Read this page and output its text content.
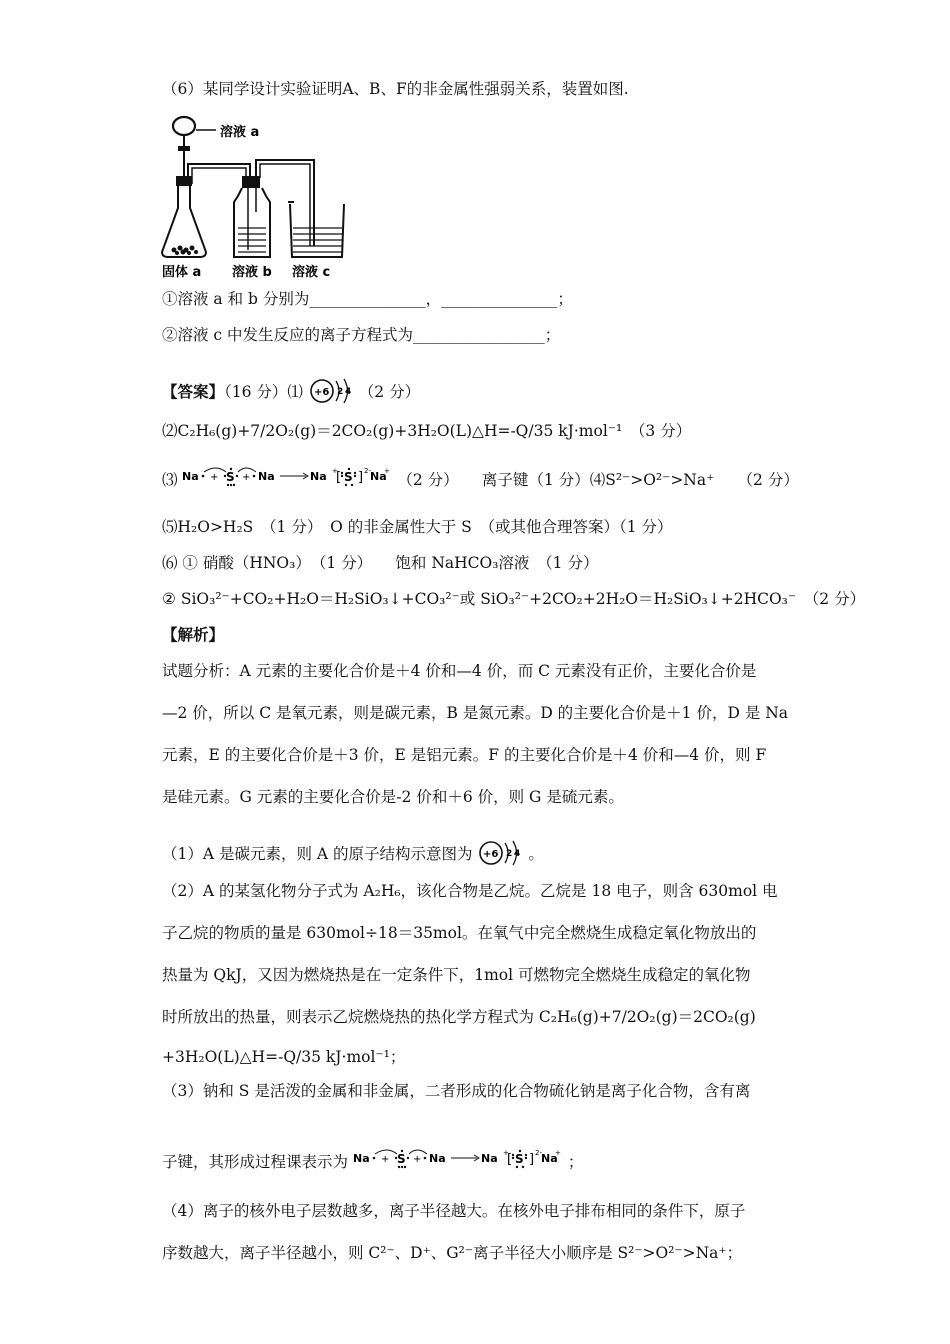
（6）某同学设计实验证明A、B、F的非金属性强弱关系，装置如图.
溶液 a
固体 a 溶液 b 溶液 c
①溶液 a 和 b 分别为_______________，_______________；
②溶液 c 中发生反应的离子方程式为_________________；
【答案】（16 分）⑴ +6 2 4 （2 分）
⑵C₂H₆(g)+7/2O₂(g)＝2CO₂(g)+3H₂O(L)△H=-Q/35 kJ·mol⁻¹　（3 分）
⑶ Na + S + Na	Na +
[ S ] 2- Na
+ （2 分）　　离子键（1 分）⑷S²⁻>O²⁻>Na⁺　　（2 分）
⑸H₂O>H₂S　（1 分）　O 的非金属性大于 S　（或其他合理答案）（1 分）
⑹ ① 硝酸（HNO₃）　（1 分）　　饱和 NaHCO₃溶液　（1 分）
② SiO₃²⁻+CO₂+H₂O＝H₂SiO₃↓+CO₃²⁻或 SiO₃²⁻+2CO₂+2H₂O＝H₂SiO₃↓+2HCO₃⁻　（2 分）
【解析】
试题分析：A 元素的主要化合价是＋4 价和—4 价，而 C 元素没有正价，主要化合价是
—2 价，所以 C 是氧元素，则是碳元素，B 是氮元素。D 的主要化合价是＋1 价，D 是 Na
元素，E 的主要化合价是＋3 价，E 是铝元素。F 的主要化合价是＋4 价和—4 价，则 F
是硅元素。G 元素的主要化合价是-2 价和＋6 价，则 G 是硫元素。
（1）A 是碳元素，则 A 的原子结构示意图为 +6 2 4 。
（2）A 的某氢化物分子式为 A₂H₆，该化合物是乙烷。乙烷是 18 电子，则含 630mol 电
子乙烷的物质的量是 630mol÷18＝35mol。在氧气中完全燃烧生成稳定氧化物放出的
热量为 QkJ，又因为燃烧热是在一定条件下，1mol 可燃物完全燃烧生成稳定的氧化物
时所放出的热量，则表示乙烷燃烧热的热化学方程式为 C₂H₆(g)+7/2O₂(g)＝2CO₂(g)
+3H₂O(L)△H=-Q/35 kJ·mol⁻¹；
（3）钠和 S 是活泼的金属和非金属，二者形成的化合物硫化钠是离子化合物，含有离
子键，其形成过程课表示为 Na + S + Na	Na +
[ S ] 2- Na
+ ；
（4）离子的核外电子层数越多，离子半径越大。在核外电子排布相同的条件下，原子
序数越大，离子半径越小，则 C²⁻、D⁺、G²⁻离子半径大小顺序是 S²⁻>O²⁻>Na⁺；
